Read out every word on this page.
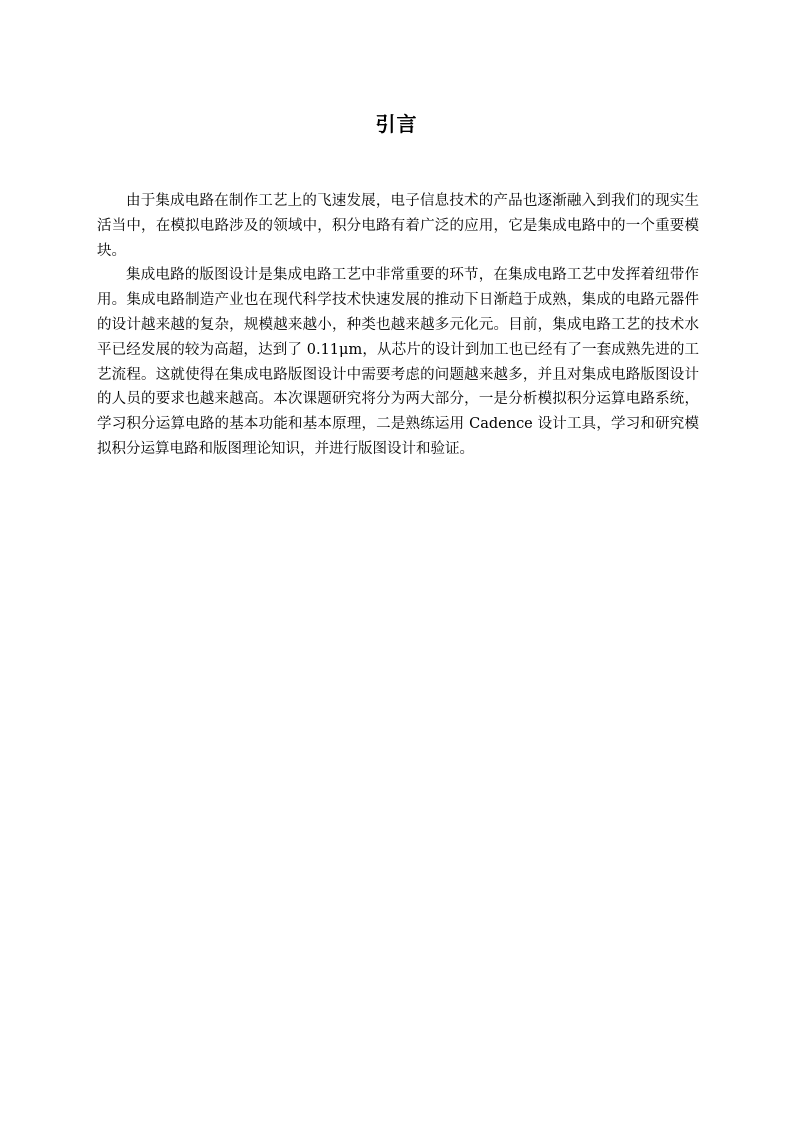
引言

由于集成电路在制作工艺上的飞速发展，电子信息技术的产品也逐渐融入到我们的现实生活当中，在模拟电路涉及的领域中，积分电路有着广泛的应用，它是集成电路中的一个重要模块。

集成电路的版图设计是集成电路工艺中非常重要的环节，在集成电路工艺中发挥着纽带作用。集成电路制造产业也在现代科学技术快速发展的推动下日渐趋于成熟，集成的电路元器件的设计越来越的复杂，规模越来越小，种类也越来越多元化元。目前，集成电路工艺的技术水平已经发展的较为高超，达到了 0.11μm，从芯片的设计到加工也已经有了一套成熟先进的工艺流程。这就使得在集成电路版图设计中需要考虑的问题越来越多，并且对集成电路版图设计的人员的要求也越来越高。本次课题研究将分为两大部分，一是分析模拟积分运算电路系统，学习积分运算电路的基本功能和基本原理，二是熟练运用 Cadence 设计工具，学习和研究模拟积分运算电路和版图理论知识，并进行版图设计和验证。
